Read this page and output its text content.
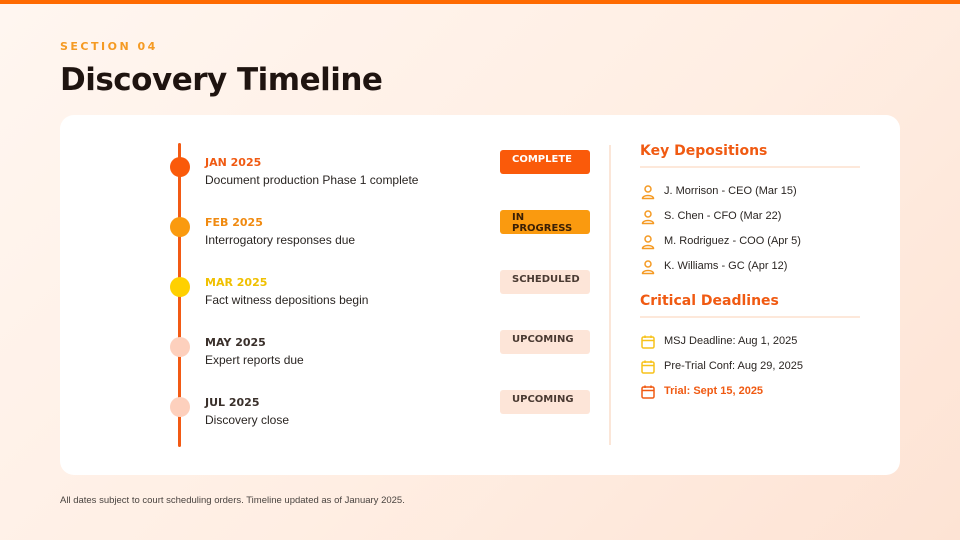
SECTION 04
Discovery Timeline
JAN 2025
Document production Phase 1 complete
COMPLETE
FEB 2025
Interrogatory responses due
IN PROGRESS
MAR 2025
Fact witness depositions begin
SCHEDULED
MAY 2025
Expert reports due
UPCOMING
JUL 2025
Discovery close
UPCOMING
Key Depositions
J. Morrison - CEO (Mar 15)
S. Chen - CFO (Mar 22)
M. Rodriguez - COO (Apr 5)
K. Williams - GC (Apr 12)
Critical Deadlines
MSJ Deadline: Aug 1, 2025
Pre-Trial Conf: Aug 29, 2025
Trial: Sept 15, 2025
All dates subject to court scheduling orders. Timeline updated as of January 2025.
